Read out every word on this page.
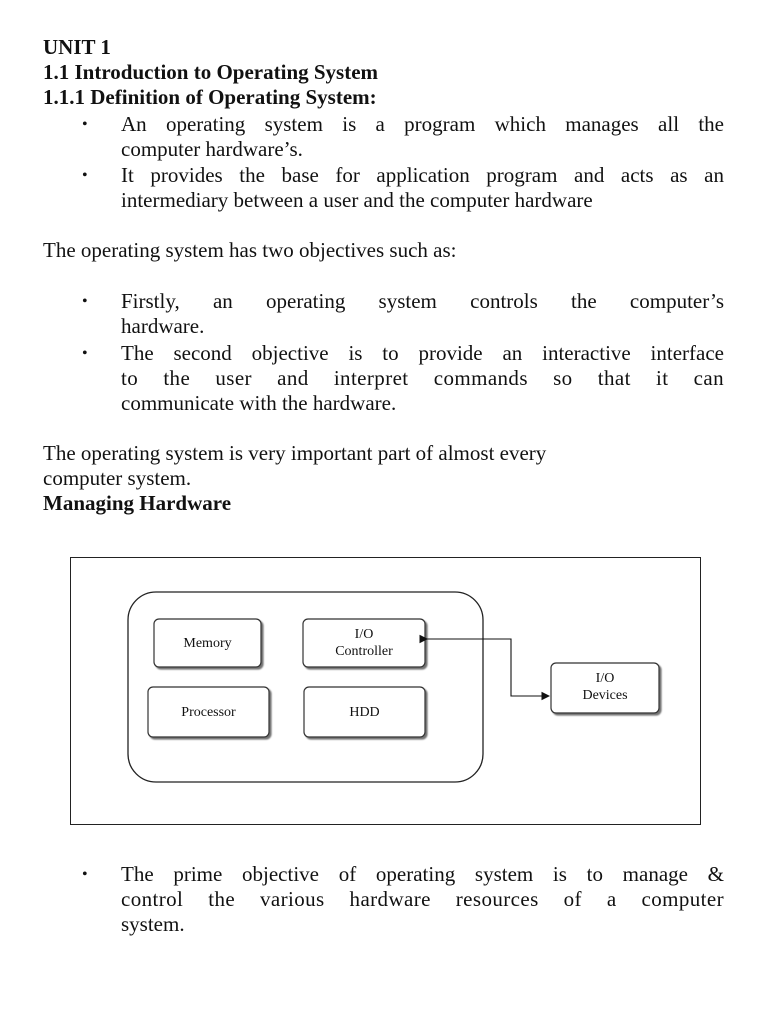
UNIT 1
1.1 Introduction to Operating System
1.1.1 Definition of Operating System:
• An operating system is a program which manages all the
computer hardware’s.
• It provides the base for application program and acts as an
intermediary between a user and the computer hardware
The operating system has two objectives such as:
• Firstly, an operating system controls the computer’s
hardware.
• The second objective is to provide an interactive interface
to the user and interpret commands so that it can
communicate with the hardware.
The operating system is very important part of almost every
computer system.
Managing Hardware
Memory
I/O
Controller
Processor	HDD
I/O
Devices
• The prime objective of operating system is to manage &
control the various hardware resources of a computer
system.
